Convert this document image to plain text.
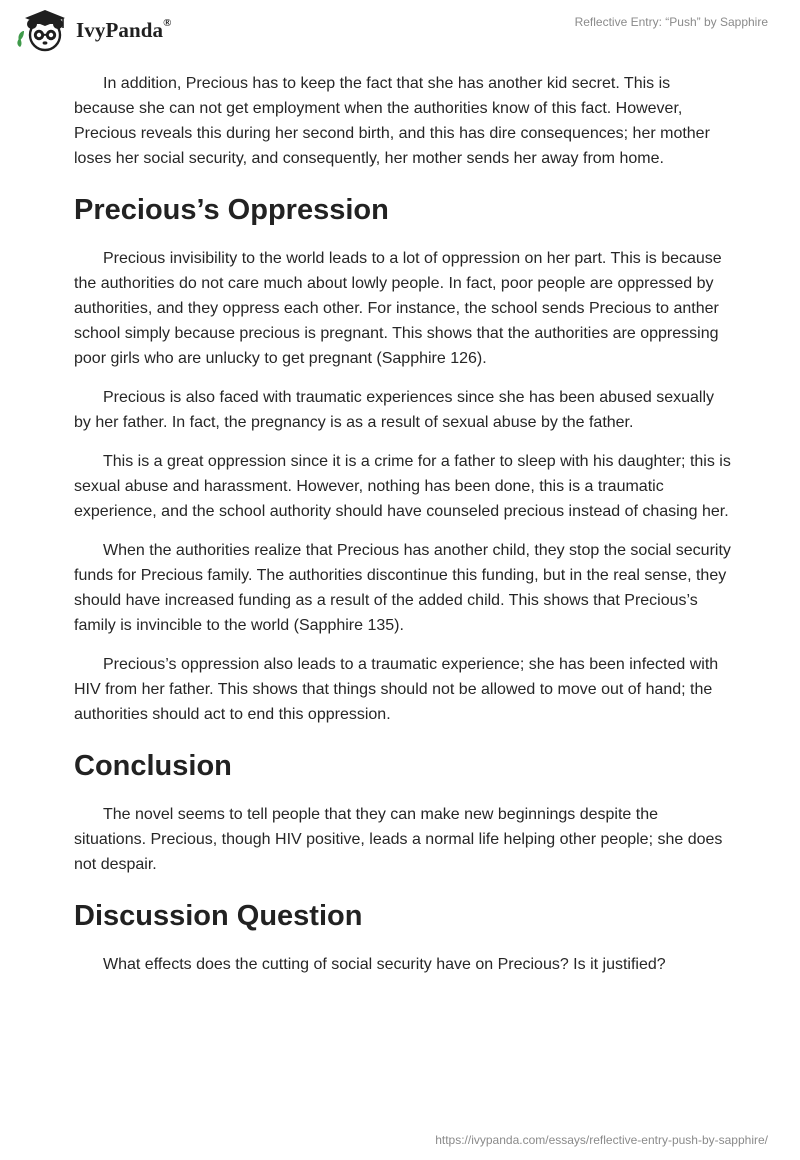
IvyPanda®	Reflective Entry: “Push” by Sapphire

In addition, Precious has to keep the fact that she has another kid secret. This is because she can not get employment when the authorities know of this fact. However, Precious reveals this during her second birth, and this has dire consequences; her mother loses her social security, and consequently, her mother sends her away from home.

Precious’s Oppression

Precious invisibility to the world leads to a lot of oppression on her part. This is because the authorities do not care much about lowly people. In fact, poor people are oppressed by authorities, and they oppress each other. For instance, the school sends Precious to anther school simply because precious is pregnant. This shows that the authorities are oppressing poor girls who are unlucky to get pregnant (Sapphire 126).

Precious is also faced with traumatic experiences since she has been abused sexually by her father. In fact, the pregnancy is as a result of sexual abuse by the father.

This is a great oppression since it is a crime for a father to sleep with his daughter; this is sexual abuse and harassment. However, nothing has been done, this is a traumatic experience, and the school authority should have counseled precious instead of chasing her.

When the authorities realize that Precious has another child, they stop the social security funds for Precious family. The authorities discontinue this funding, but in the real sense, they should have increased funding as a result of the added child. This shows that Precious’s family is invincible to the world (Sapphire 135).

Precious’s oppression also leads to a traumatic experience; she has been infected with HIV from her father. This shows that things should not be allowed to move out of hand; the authorities should act to end this oppression.

Conclusion

The novel seems to tell people that they can make new beginnings despite the situations. Precious, though HIV positive, leads a normal life helping other people; she does not despair.

Discussion Question

What effects does the cutting of social security have on Precious? Is it justified?

https://ivypanda.com/essays/reflective-entry-push-by-sapphire/
